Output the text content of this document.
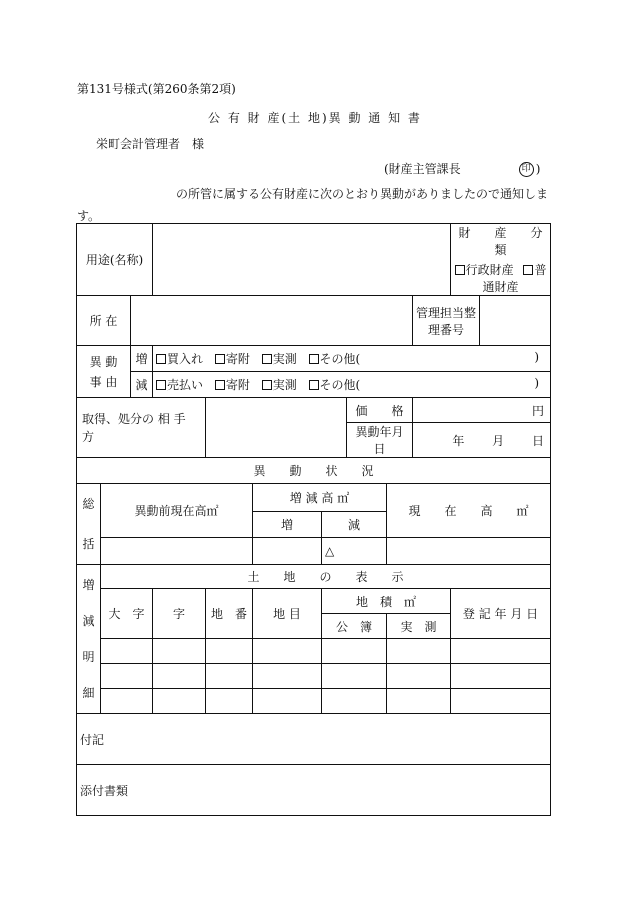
第131号様式(第260条第2項)
公 有 財 産(土 地)異 動 通 知 書
栄町会計管理者　様
(財産主管課長	印 )
の所管に属する公有財産に次のとおり異動がありましたので通知しま
す。
用途(名称)										財　　産　　分　　類
行政財産 普通財産	

所 在									管理担当整理番号		
異 動 事 由		増	買入れ 寄附 実測 その他( )								

		減	売払い 寄附 実測 その他( )								

取得、処分の 相 手 方							価　　格		円		
							異動年月日		年 月 日		
異　　動　　状　　況											
総 括	異動前現在高㎡				増 減 高 ㎡			現　　在　　高　　㎡			
					増	減					
						△					
増 減 明 細	土　　地　　の　　表　　示										
	大　字		字	地　番	地 目	地　積　㎡				登 記 年 月 日	
						公　簿		実　測			

付記											
添付書類											
